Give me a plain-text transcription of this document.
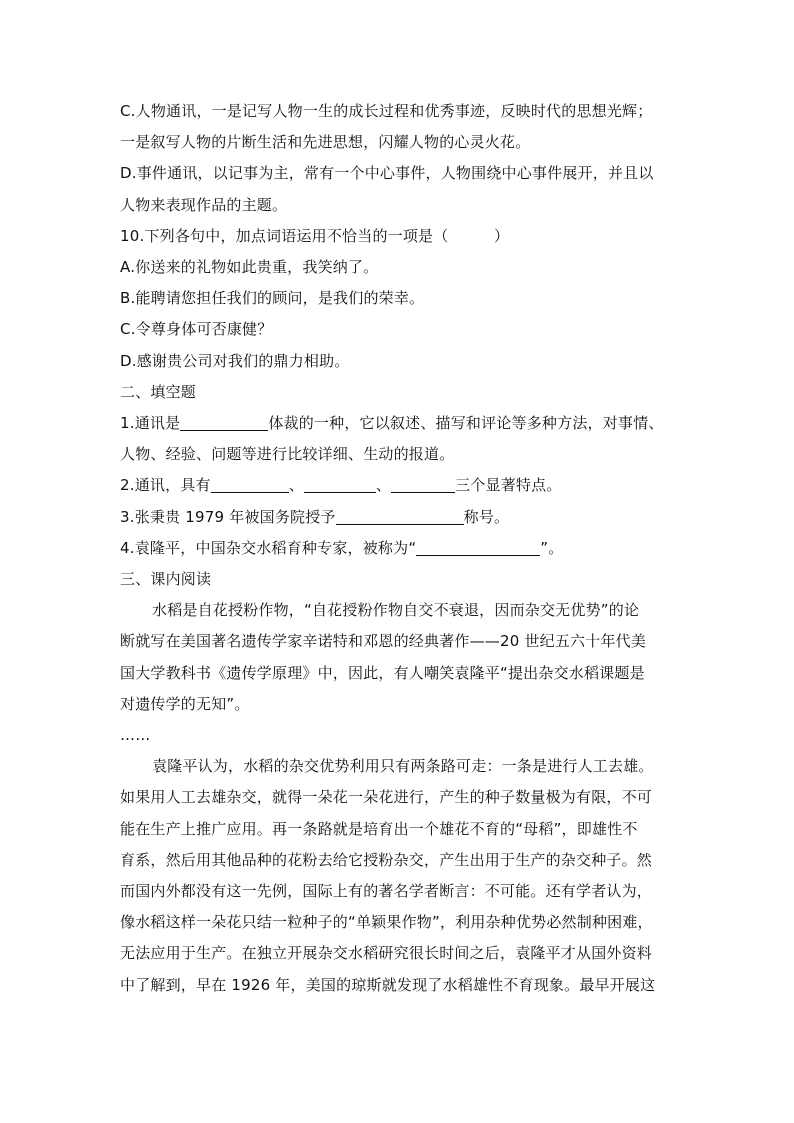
C.人物通讯，一是记写人物一生的成长过程和优秀事迹，反映时代的思想光辉；
一是叙写人物的片断生活和先进思想，闪耀人物的心灵火花。
D.事件通讯，以记事为主，常有一个中心事件，人物围绕中心事件展开，并且以
人物来表现作品的主题。
10.下列各句中，加点词语运用不恰当的一项是（　　　）
A.你送来的礼物如此贵重，我笑纳了。
B.能聘请您担任我们的顾问，是我们的荣幸。
C.令尊身体可否康健？
D.感谢贵公司对我们的鼎力相助。
二、填空题
1.通讯是	体裁的一种，它以叙述、描写和评论等多种方法，对事情、
人物、经验、问题等进行比较详细、生动的报道。
2.通讯，具有	、	、	三个显著特点。
3.张秉贵 1979 年被国务院授予	称号。
4.袁隆平，中国杂交水稻育种专家，被称为“	”。
三、课内阅读
水稻是自花授粉作物，“自花授粉作物自交不衰退，因而杂交无优势”的论
断就写在美国著名遗传学家辛诺特和邓恩的经典著作——20 世纪五六十年代美
国大学教科书《遗传学原理》中，因此，有人嘲笑袁隆平“提出杂交水稻课题是
对遗传学的无知”。
……
袁隆平认为，水稻的杂交优势利用只有两条路可走：一条是进行人工去雄。
如果用人工去雄杂交，就得一朵花一朵花进行，产生的种子数量极为有限，不可
能在生产上推广应用。再一条路就是培育出一个雄花不育的“母稻”，即雄性不
育系，然后用其他品种的花粉去给它授粉杂交，产生出用于生产的杂交种子。然
而国内外都没有这一先例，国际上有的著名学者断言：不可能。还有学者认为，
像水稻这样一朵花只结一粒种子的“单颖果作物”，利用杂种优势必然制种困难，
无法应用于生产。在独立开展杂交水稻研究很长时间之后，袁隆平才从国外资料
中了解到，早在 1926 年，美国的琼斯就发现了水稻雄性不育现象。最早开展这
